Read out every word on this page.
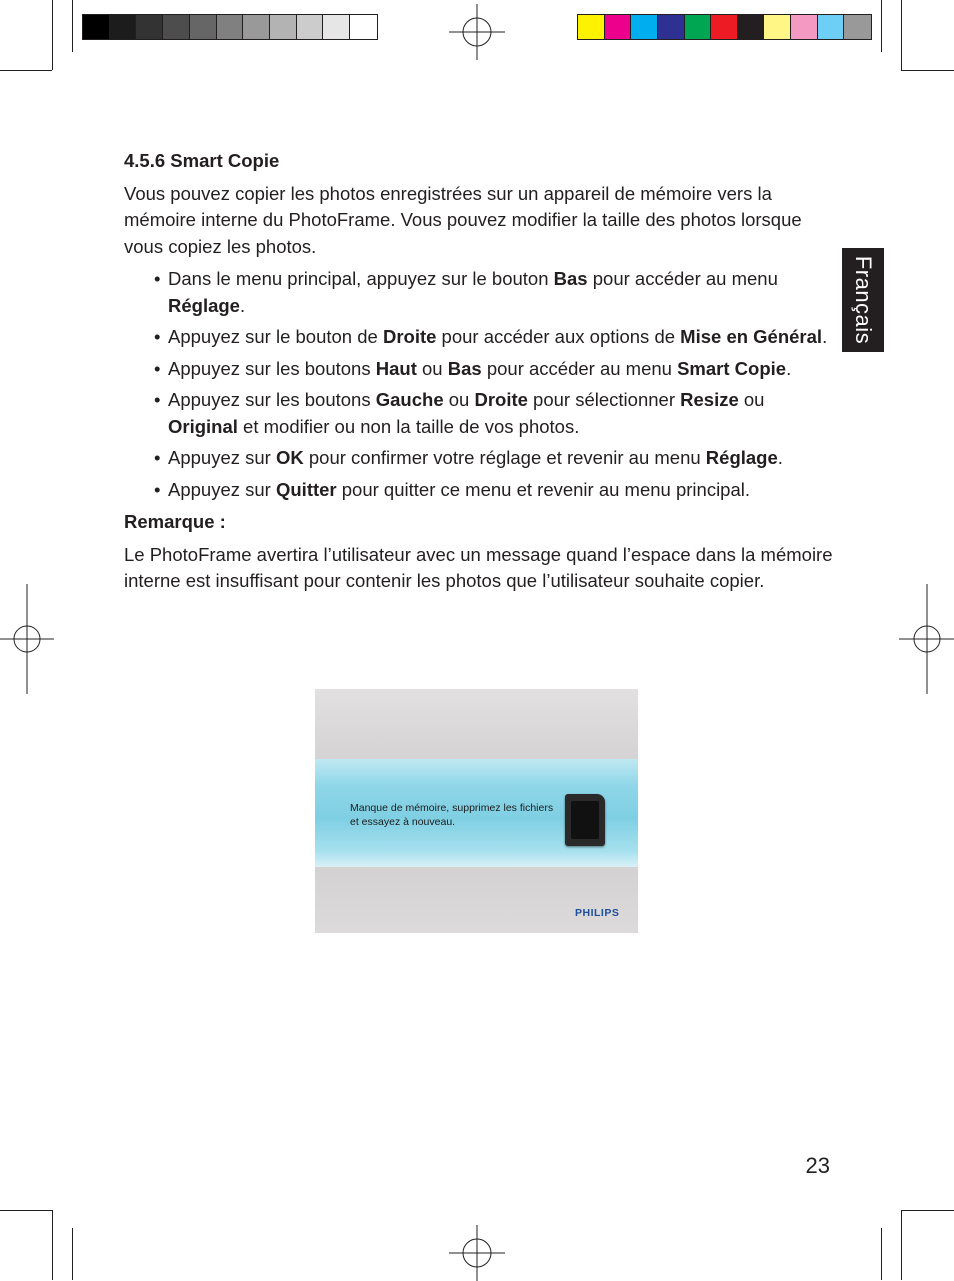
Français
4.5.6 Smart Copie

Vous pouvez copier les photos enregistrées sur un appareil de mémoire vers la mémoire interne du PhotoFrame. Vous pouvez modifier la taille des photos lorsque vous copiez les photos.

• Dans le menu principal, appuyez sur le bouton Bas pour accéder au menu Réglage.
• Appuyez sur le bouton de Droite pour accéder aux options de Mise en Général.
• Appuyez sur les boutons Haut ou Bas pour accéder au menu Smart Copie.
• Appuyez sur les boutons Gauche ou Droite pour sélectionner Resize ou Original et modifier ou non la taille de vos photos.
• Appuyez sur OK pour confirmer votre réglage et revenir au menu Réglage.
• Appuyez sur Quitter pour quitter ce menu et revenir au menu principal.
Remarque :

Le PhotoFrame avertira l’utilisateur avec un message quand l’espace dans la mémoire interne est insuffisant pour contenir les photos que l’utilisateur souhaite copier.

Manque de mémoire, supprimez les fichiers et essayez à nouveau.
PHILIPS
23
